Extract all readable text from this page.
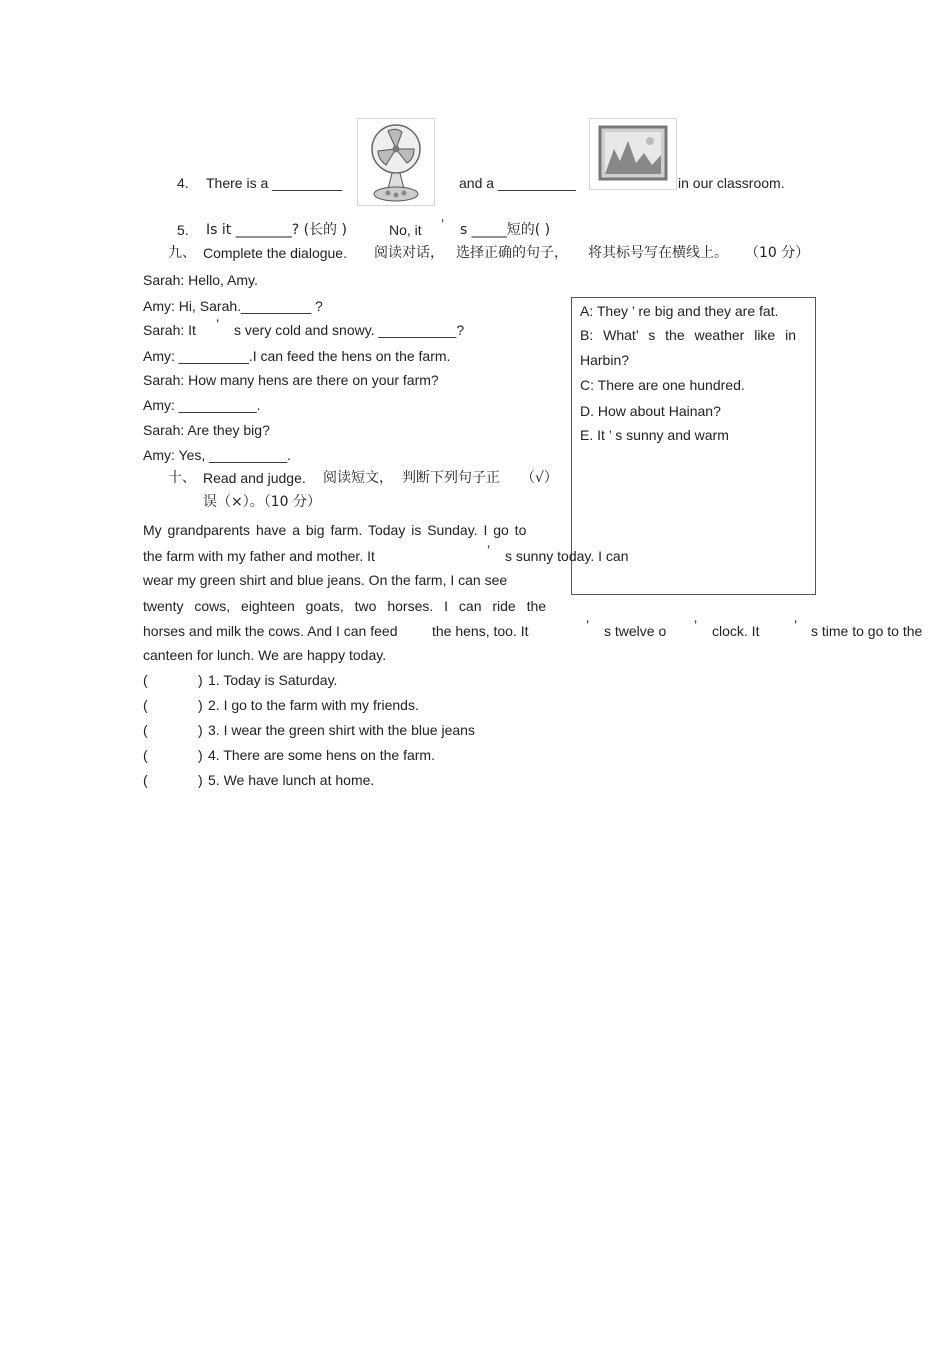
4. There is a _________	and a __________	in our classroom.
5. Is it ________? (长的 )	No, it ’ s _____短的( )
九、 Complete the dialogue. 阅读对话， 选择正确的句子， 将其标号写在横线上。 （10 分）
Sarah: Hello, Amy.
Amy: Hi, Sarah._________ ?
Sarah: It ’ s very cold and snowy. __________?
Amy: _________.I can feed the hens on the farm.
Sarah: How many hens are there on your farm?
Amy: __________.
Sarah: Are they big?
Amy: Yes, __________.
A: They ’ re big and they are fat.
B: What’ s the weather like in
Harbin?
C: There are one hundred.
D. How about Hainan?
E. It ’ s sunny and warm
十、 Read and judge. 阅读短文， 判断下列句子正 （√）
误（×）。（10 分）
My grandparents have a big farm. Today is Sunday. I go to
the farm with my father and mother. It	’ s sunny today. I can
wear my green shirt and blue jeans. On the farm, I can see
twenty cows, eighteen goats, two horses. I can ride the
horses and milk the cows. And I can feed the hens, too. It	’ s twelve o ’ clock. It ’ s time to go to the
canteen for lunch. We are happy today.
(	) 1. Today is Saturday.
(	) 2. I go to the farm with my friends.
(	) 3. I wear the green shirt with the blue jeans
(	) 4. There are some hens on the farm.
(	) 5. We have lunch at home.
